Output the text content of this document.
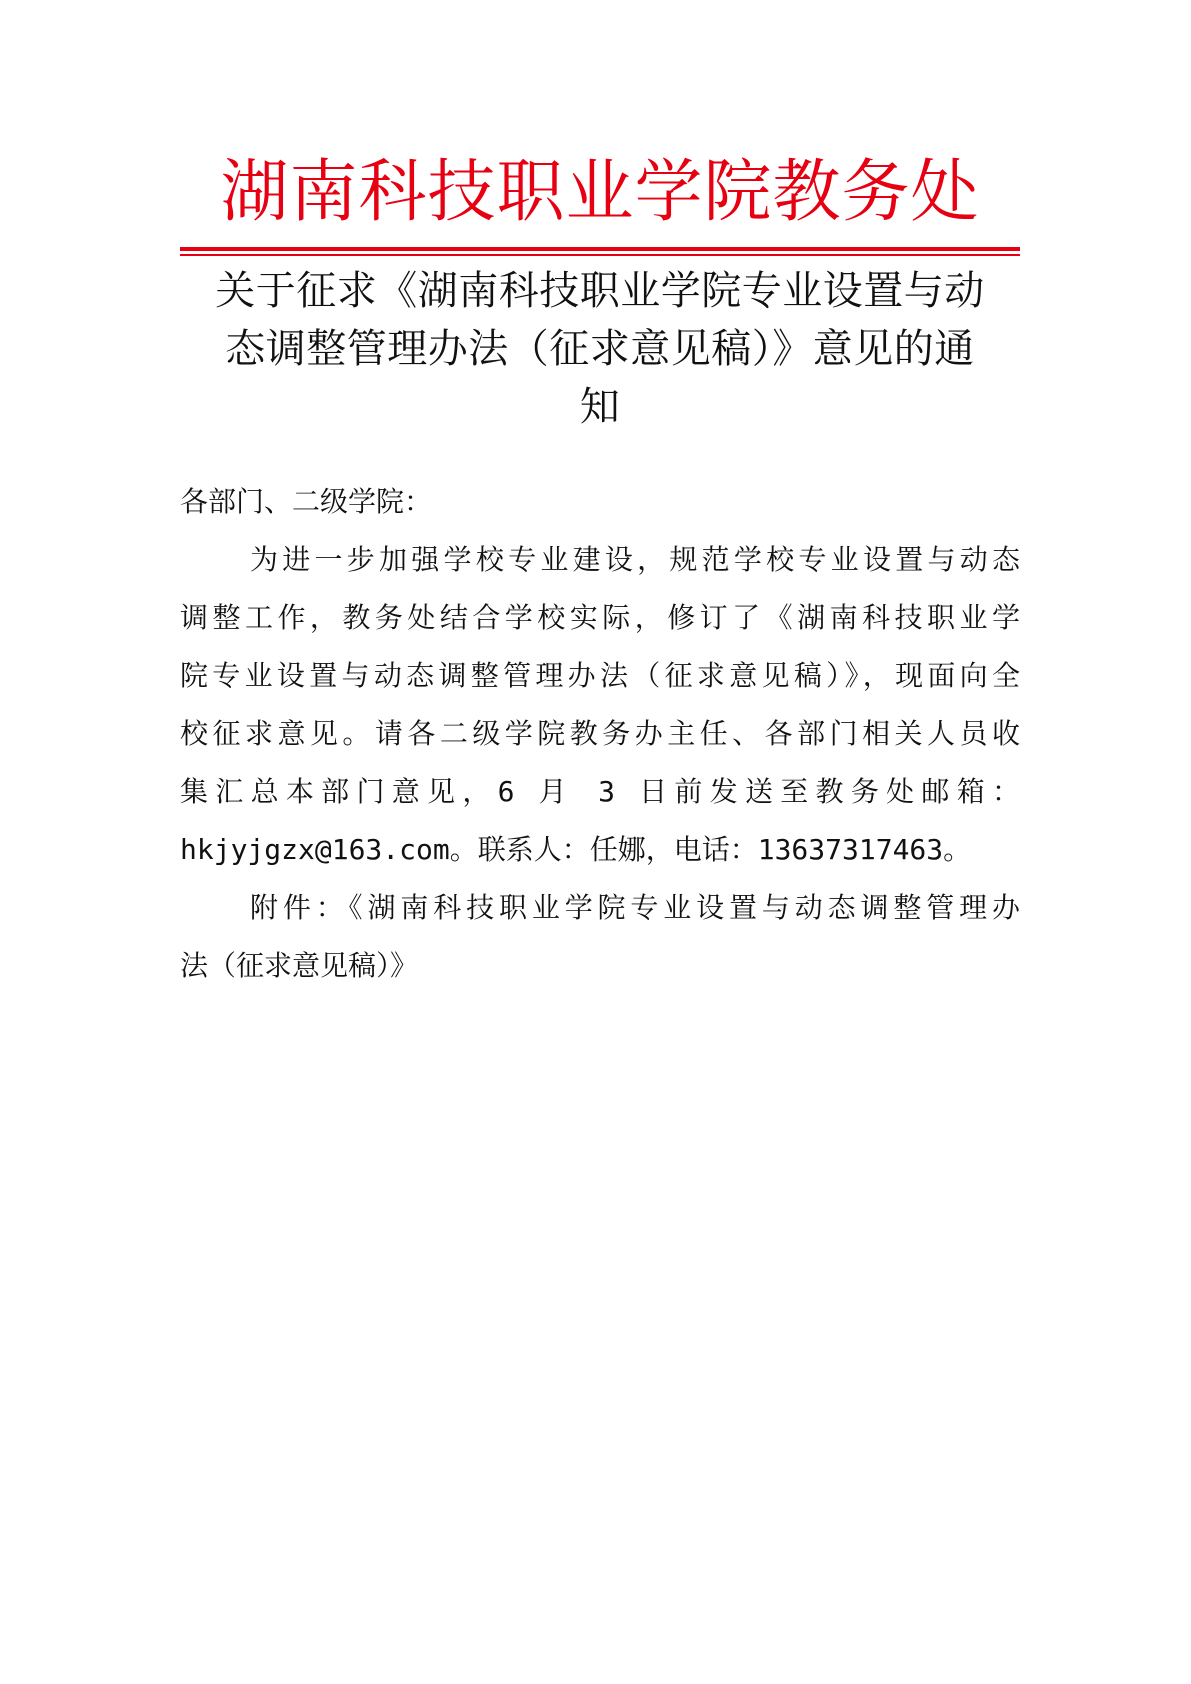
湖南科技职业学院教务处
关于征求《湖南科技职业学院专业设置与动
态调整管理办法（征求意见稿）》意见的通
知
各部门、二级学院：
为进一步加强学校专业建设，规范学校专业设置与动态
调整工作，教务处结合学校实际，修订了《湖南科技职业学
院专业设置与动态调整管理办法（征求意见稿）》，现面向全
校征求意见。请各二级学院教务办主任、各部门相关人员收
集汇总本部门意见，6 月 3 日前发送至教务处邮箱：
hkjyjgzx@163.com。联系人：任娜，电话：13637317463。
附件：《湖南科技职业学院专业设置与动态调整管理办
法（征求意见稿）》
